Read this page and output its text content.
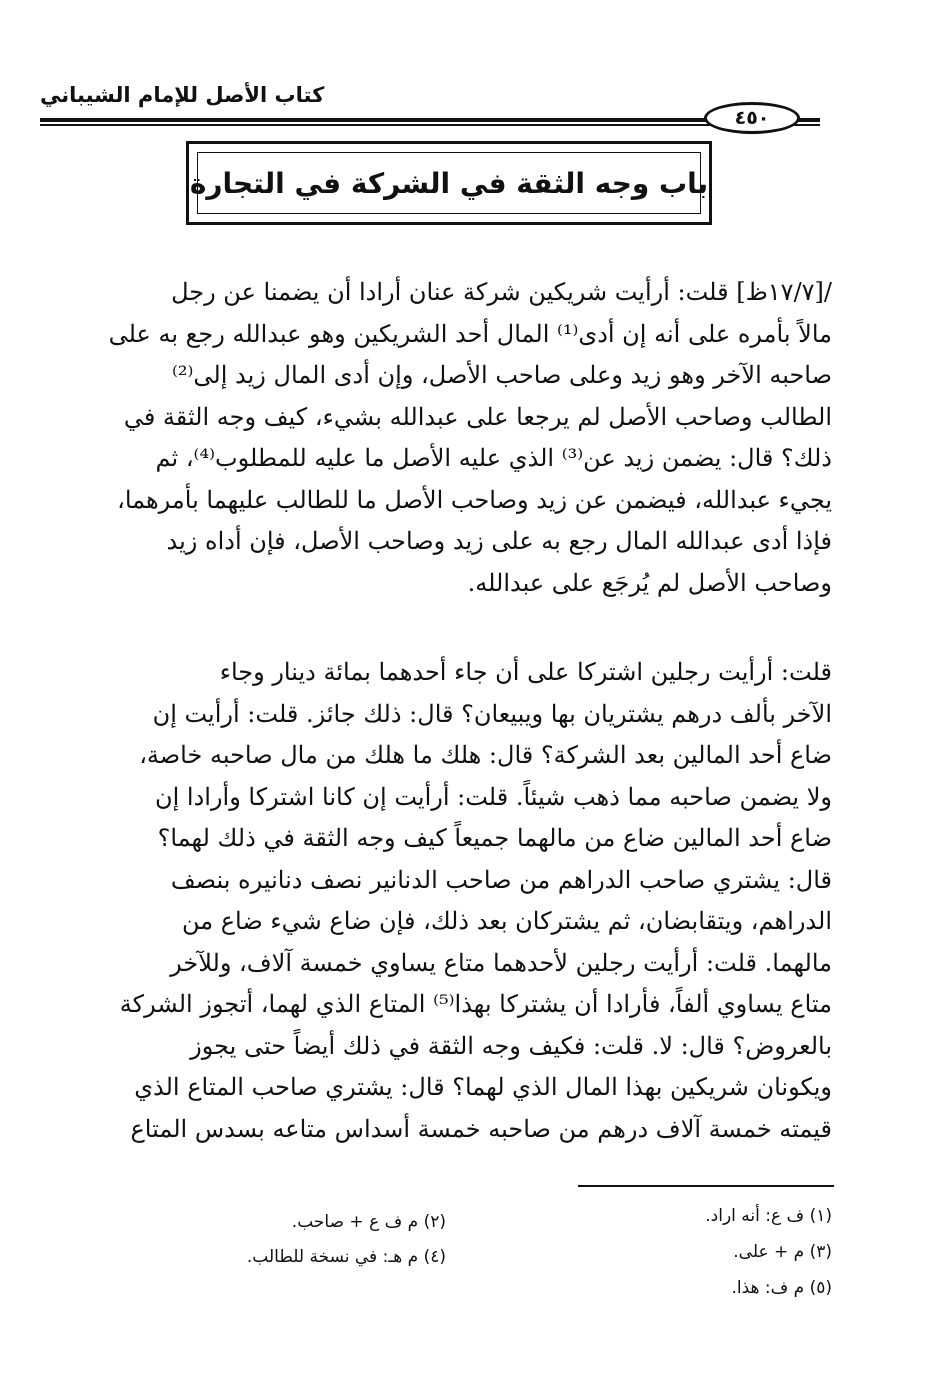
كتاب الأصل للإمام الشيباني
٤٥٠
باب وجه الثقة في الشركة في التجارة
/[١٧/٧ظ] قلت: أرأيت شريكين شركة عنان أرادا أن يضمنا عن رجل
مالاً بأمره على أنه إن أدى⁽¹⁾ المال أحد الشريكين وهو عبدالله رجع به على
صاحبه الآخر وهو زيد وعلى صاحب الأصل، وإن أدى المال زيد إلى⁽²⁾
الطالب وصاحب الأصل لم يرجعا على عبدالله بشيء، كيف وجه الثقة في
ذلك؟ قال: يضمن زيد عن⁽³⁾ الذي عليه الأصل ما عليه للمطلوب⁽⁴⁾، ثم
يجيء عبدالله، فيضمن عن زيد وصاحب الأصل ما للطالب عليهما بأمرهما،
فإذا أدى عبدالله المال رجع به على زيد وصاحب الأصل، فإن أداه زيد
وصاحب الأصل لم يُرجَع على عبدالله.
قلت: أرأيت رجلين اشتركا على أن جاء أحدهما بمائة دينار وجاء
الآخر بألف درهم يشتريان بها ويبيعان؟ قال: ذلك جائز. قلت: أرأيت إن
ضاع أحد المالين بعد الشركة؟ قال: هلك ما هلك من مال صاحبه خاصة،
ولا يضمن صاحبه مما ذهب شيئاً. قلت: أرأيت إن كانا اشتركا وأرادا إن
ضاع أحد المالين ضاع من مالهما جميعاً كيف وجه الثقة في ذلك لهما؟
قال: يشتري صاحب الدراهم من صاحب الدنانير نصف دنانيره بنصف
الدراهم، ويتقابضان، ثم يشتركان بعد ذلك، فإن ضاع شيء ضاع من
مالهما. قلت: أرأيت رجلين لأحدهما متاع يساوي خمسة آلاف، وللآخر
متاع يساوي ألفاً، فأرادا أن يشتركا بهذا⁽⁵⁾ المتاع الذي لهما، أتجوز الشركة
بالعروض؟ قال: لا. قلت: فكيف وجه الثقة في ذلك أيضاً حتى يجوز
ويكونان شريكين بهذا المال الذي لهما؟ قال: يشتري صاحب المتاع الذي
قيمته خمسة آلاف درهم من صاحبه خمسة أسداس متاعه بسدس المتاع
(١) ف ع: أنه اراد.
(٢) م ف ع + صاحب.
(٣) م + على.
(٤) م هـ: في نسخة للطالب.
(٥) م ف: هذا.
